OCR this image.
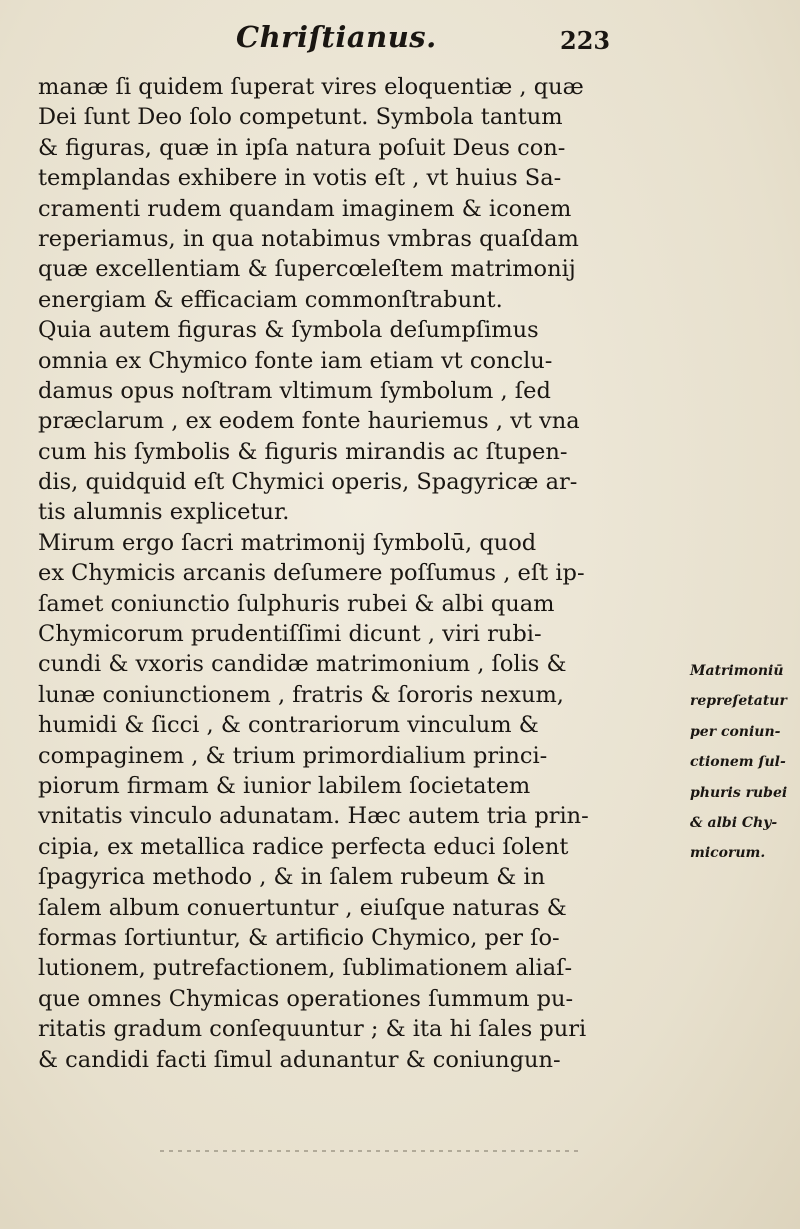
Chriſtianus.	223
manæ ſi quidem ſuperat vires eloquentiæ , quæ
Dei ſunt Deo ſolo competunt. Symbola tantum
& figuras, quæ in ipſa natura poſuit Deus con-
templandas exhibere in votis eſt , vt huius Sa-
cramenti rudem quandam imaginem & iconem
reperiamus, in qua notabimus vmbras quaſdam
quæ excellentiam & ſupercœleſtem matrimonij
energiam & efficaciam commonſtrabunt.
Quia autem figuras & ſymbola deſumpſimus
omnia ex Chymico fonte iam etiam vt conclu-
damus opus noſtram vltimum ſymbolum , ſed
præclarum , ex eodem fonte hauriemus , vt vna
cum his ſymbolis & figuris mirandis ac ſtupen-
dis, quidquid eſt Chymici operis, Spagyricæ ar-
tis alumnis explicetur.
Mirum ergo ſacri matrimonij ſymbolū, quod
ex Chymicis arcanis deſumere poſſumus , eſt ip-
ſamet coniunctio ſulphuris rubei & albi quam
Chymicorum prudentiſſimi dicunt , viri rubi-
cundi & vxoris candidæ matrimonium , ſolis &
lunæ coniunctionem , fratris & ſororis nexum,
humidi & ſicci , & contrariorum vinculum &
compaginem , & trium primordialium princi-
piorum firmam & iunior labilem ſocietatem
vnitatis vinculo adunatam. Hæc autem tria prin-
cipia, ex metallica radice perfecta educi ſolent
ſpagyrica methodo , & in ſalem rubeum & in
ſalem album conuertuntur , eiuſque naturas &
formas ſortiuntur, & artificio Chymico, per ſo-
lutionem, putrefactionem, ſublimationem aliaſ-
que omnes Chymicas operationes ſummum pu-
ritatis gradum conſequuntur ; & ita hi ſales puri
& candidi facti ſimul adunantur & coniungun-
Matrimoniū
repreſetatur
per coniun-
ctionem ſul-
phuris rubei
& albi Chy-
micorum.
